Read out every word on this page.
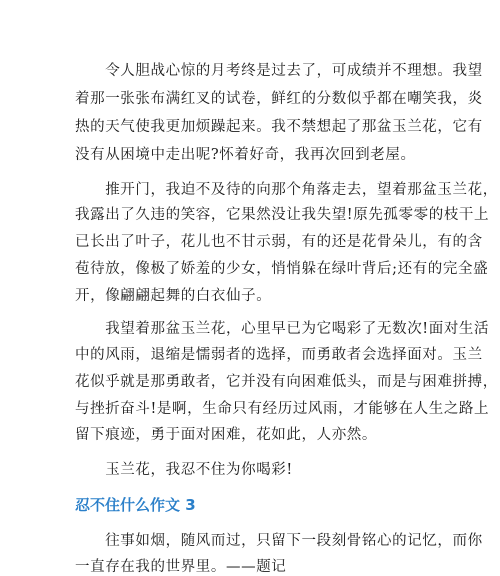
　　令人胆战心惊的月考终是过去了，可成绩并不理想。我望
着那一张张布满红叉的试卷，鲜红的分数似乎都在嘲笑我，炎
热的天气使我更加烦躁起来。我不禁想起了那盆玉兰花，它有
没有从困境中走出呢?怀着好奇，我再次回到老屋。
　　推开门，我迫不及待的向那个角落走去，望着那盆玉兰花，
我露出了久违的笑容，它果然没让我失望!原先孤零零的枝干上
已长出了叶子，花儿也不甘示弱，有的还是花骨朵儿，有的含
苞待放，像极了娇羞的少女，悄悄躲在绿叶背后;还有的完全盛
开，像翩翩起舞的白衣仙子。
　　我望着那盆玉兰花，心里早已为它喝彩了无数次!面对生活
中的风雨，退缩是懦弱者的选择，而勇敢者会选择面对。玉兰
花似乎就是那勇敢者，它并没有向困难低头，而是与困难拼搏，
与挫折奋斗!是啊，生命只有经历过风雨，才能够在人生之路上
留下痕迹，勇于面对困难，花如此，人亦然。
　　玉兰花，我忍不住为你喝彩!
忍不住什么作文 3
　　往事如烟，随风而过，只留下一段刻骨铭心的记忆，而你
一直存在我的世界里。——题记
